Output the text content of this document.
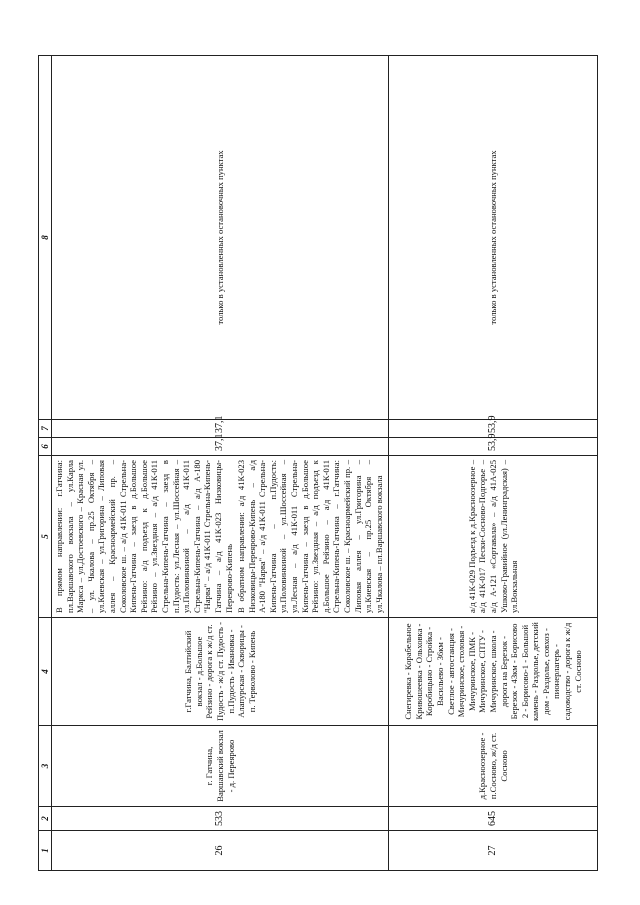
1	2	3	4	5	6	7	8
26	533	г. Гатчина, Варшавский вокзал - д. Переярово	г.Гатчина, Балтийский вокзал - д.Большое Рейзино - дорога к ж/д ст. Пудость - ж/д ст. Пудость - п.Пудость - Ивановка - Алапурская - Скворицы - п. Терволово - Кипень	В прямом направлении: г.Гатчина: пл.Варшавского вокзала – ул.Карла Маркса – ул.Достоевского – Красная ул. – ул. Чкалова – пр.25 Октября – ул.Киевская – ул.Григорина – Липовая аллея – Красноармейский пр. – Соколовское ш. – а/д 41К-011 Стрельна-Кипень-Гатчина – заезд в д.Большое Рейзино: а/д подъезд к д.Большое Рейзино – ул.Звездная – а/д 41К-011 Стрельна-Кипень-Гатчина – заезд в п.Пудость: ул.Лесная – ул.Шоссейная – ул.Половинкиной – а/д 41К-011 Стрельна-Кипень-Гатчина – а/д А-180 "Нарва" – а/д 41К-011 Стрельна-Кипень-Гатчина – а/д 41К-023 Низковицы-Переярово-Кипень В обратном направлении: а/д 41К-023 Низковицы-Переярово-Кипень – а/д А-180 "Нарва" – а/д 41К-011 Стрельна-Кипень-Гатчина – п.Пудость: ул.Половинкиной – ул.Шоссейная – ул.Лесная – а/д 41К-011 Стрельна-Кипень-Гатчина – заезд в д.Большое Рейзино: ул.Звездная – а/д подъезд к д.Большое Рейзино – а/д 41К-011 Стрельна-Кипень-Гатчина – г.Гатчина: Соколовское ш. – Красноармейский пр. – Липовая аллея – ул.Григорина – ул.Киевская – пр.25 Октября – ул.Чкалова – пл.Варшавского вокзала	37,1	37,1	только в установленных остановочных пунктах
27	645	д.Красноозерное - п.Сосново, ж/д ст. Сосново	Снегиревка - Корабельное Кривошеевка - Ольховка - Коробицыно - Стройка - Васильево - 36км - Светлое - автостанция - Мичуринское, столовая - Мичуринское, ПМК - Мичуринское, СПТУ - Мичуринское, школа - дорога на Березок - Березок - 43км - Борисово 2 - Борисово-1 - Большой камень - Раздолье, детский дом - Раздолье, совхоз - пионерлагерь - садоводство - дорога к ж/д ст. Сосново	а/д 41К-029 Подъезд к д.Красноозерное – а/д 41К-017 Пески-Сосново-Подгорье – а/д А-121 «Сортавала» – а/д 41А-025 Ушково-Гравийное (ул.Ленинградская) – ул.Вокзальная	53,9	53,9	только в установленных остановочных пунктах
